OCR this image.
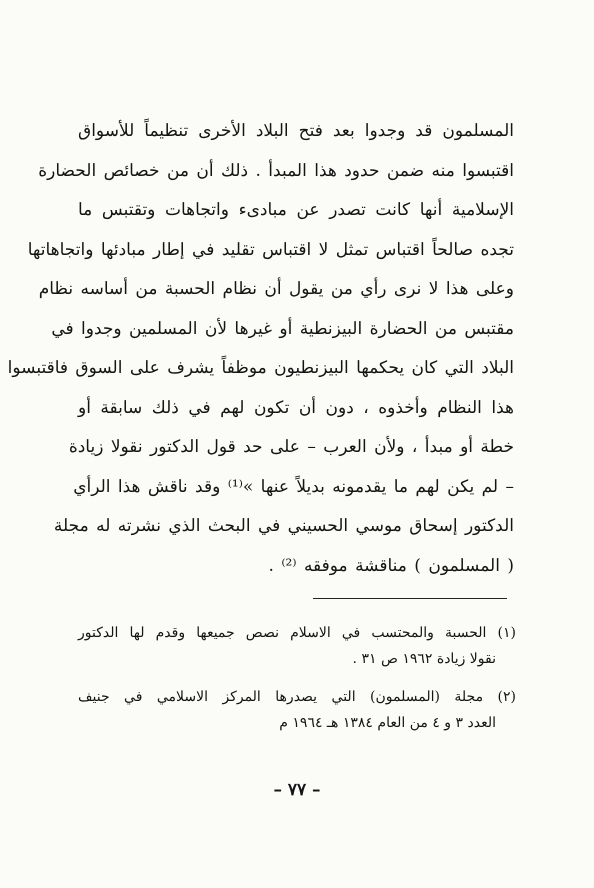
المسلمون قد وجدوا بعد فتح البلاد الأخرى تنظيماً للأسواق
اقتبسوا منه ضمن حدود هذا المبدأ . ذلك أن من خصائص الحضارة
الإسلامية أنها كانت تصدر عن مبادىء واتجاهات وتقتبس ما
تجده صالحاً اقتباس تمثل لا اقتباس تقليد في إطار مبادئها واتجاهاتها
وعلى هذا لا نرى رأي من يقول أن نظام الحسبة من أساسه نظام
مقتبس من الحضارة البيزنطية أو غيرها لأن المسلمين وجدوا في
البلاد التي كان يحكمها البيزنطيون موظفاً يشرف على السوق فاقتبسوا
هذا النظام وأخذوه ، دون أن تكون لهم في ذلك سابقة أو
خطة أو مبدأ ، ولأن العرب – على حد قول الدكتور نقولا زيادة
– لم يكن لهم ما يقدمونه بديلاً عنها »⁽¹⁾ وقد ناقش هذا الرأي
الدكتور إسحاق موسي الحسيني في البحث الذي نشرته له مجلة
( المسلمون ) مناقشة موفقه ⁽²⁾ .
(١) الحسبة والمحتسب في الاسلام نصص جميعها وقدم لها الدكتور
نقولا زيادة ١٩٦٢ ص ٣١ .
(٢) مجلة (المسلمون) التي يصدرها المركز الاسلامي في جنيف
العدد ٣ و ٤ من العام ١٣٨٤ هـ ١٩٦٤ م
– ٧٧ –
